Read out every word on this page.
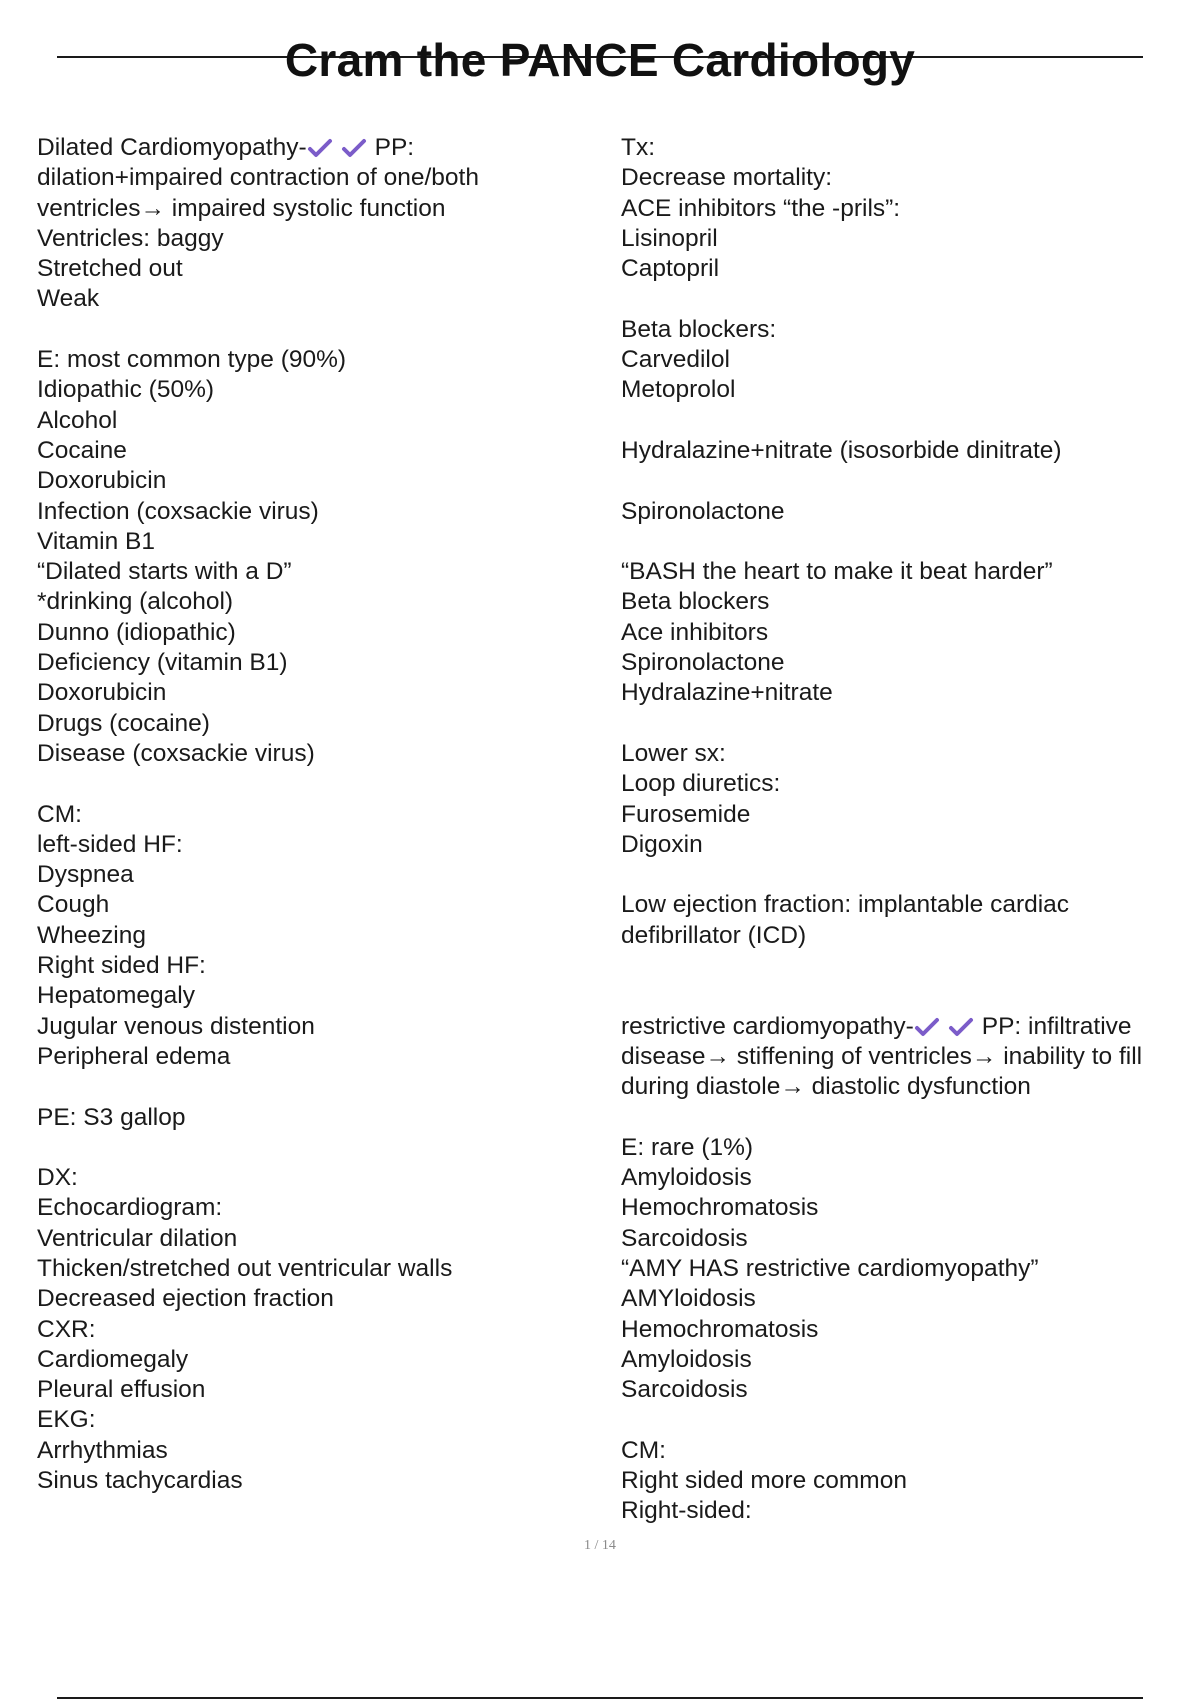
Cram the PANCE Cardiology
Dilated Cardiomyopathy-	PP:
dilation+impaired contraction of one/both
ventricles→ impaired systolic function
Ventricles: baggy
Stretched out
Weak
E: most common type (90%)
Idiopathic (50%)
Alcohol
Cocaine
Doxorubicin
Infection (coxsackie virus)
Vitamin B1
“Dilated starts with a D”
*drinking (alcohol)
Dunno (idiopathic)
Deficiency (vitamin B1)
Doxorubicin
Drugs (cocaine)
Disease (coxsackie virus)
CM:
left-sided HF:
Dyspnea
Cough
Wheezing
Right sided HF:
Hepatomegaly
Jugular venous distention
Peripheral edema
PE: S3 gallop
DX:
Echocardiogram:
Ventricular dilation
Thicken/stretched out ventricular walls
Decreased ejection fraction
CXR:
Cardiomegaly
Pleural effusion
EKG:
Arrhythmias
Sinus tachycardias
Tx:
Decrease mortality:
ACE inhibitors “the -prils”:
Lisinopril
Captopril
Beta blockers:
Carvedilol
Metoprolol
Hydralazine+nitrate (isosorbide dinitrate)
Spironolactone
“BASH the heart to make it beat harder”
Beta blockers
Ace inhibitors
Spironolactone
Hydralazine+nitrate
Lower sx:
Loop diuretics:
Furosemide
Digoxin
Low ejection fraction: implantable cardiac
defibrillator (ICD)
restrictive cardiomyopathy-	PP: infiltrative
disease→ stiffening of ventricles→ inability to fill
during diastole→ diastolic dysfunction
E: rare (1%)
Amyloidosis
Hemochromatosis
Sarcoidosis
“AMY HAS restrictive cardiomyopathy”
AMYloidosis
Hemochromatosis
Amyloidosis
Sarcoidosis
CM:
Right sided more common
Right-sided:
1 / 14
